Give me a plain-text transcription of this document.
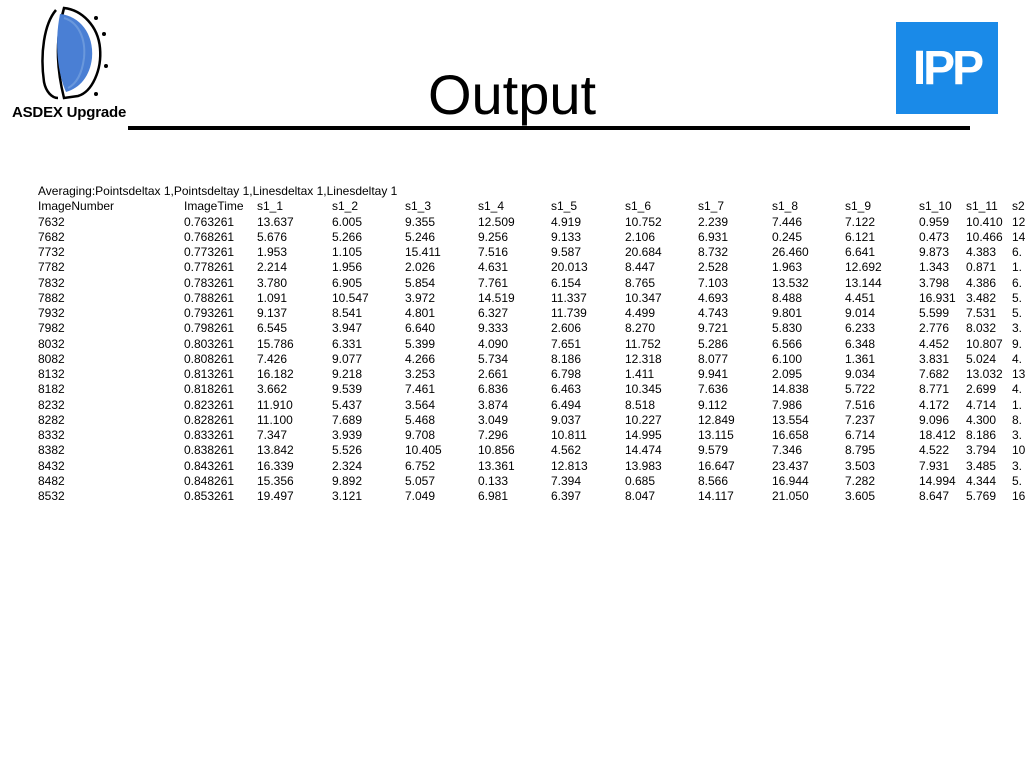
ASDEX Upgrade
IPP
Output
Averaging:Pointsdeltax 1,Pointsdeltay 1,Linesdeltax 1,Linesdeltay 1
ImageNumber	ImageTime s1_1	s1_2	s1_3	s1_4	s1_5	s1_6	s1_7	s1_8	s1_9	s1_10 s1_11 s2
7632	0.763261 13.637	6.005	9.355	12.509	4.919	10.752	2.239	7.446	7.122	0.959 10.410 12
7682	0.768261 5.676	5.266	5.246	9.256	9.133	2.106	6.931	0.245	6.121	0.473 10.466 14
7732	0.773261 1.953	1.105	15.411	7.516	9.587	20.684	8.732	26.460	6.641	9.873 4.383 6.
7782	0.778261 2.214	1.956	2.026	4.631	20.013	8.447	2.528	1.963	12.692	1.343 0.871 1.
7832	0.783261 3.780	6.905	5.854	7.761	6.154	8.765	7.103	13.532	13.144	3.798 4.386 6.
7882	0.788261 1.091	10.547	3.972	14.519	11.337	10.347	4.693	8.488	4.451	16.931 3.482 5.
7932	0.793261 9.137	8.541	4.801	6.327	11.739	4.499	4.743	9.801	9.014	5.599 7.531 5.
7982	0.798261 6.545	3.947	6.640	9.333	2.606	8.270	9.721	5.830	6.233	2.776 8.032 3.
8032	0.803261 15.786	6.331	5.399	4.090	7.651	11.752	5.286	6.566	6.348	4.452 10.807 9.
8082	0.808261 7.426	9.077	4.266	5.734	8.186	12.318	8.077	6.100	1.361	3.831 5.024 4.
8132	0.813261 16.182	9.218	3.253	2.661	6.798	1.411	9.941	2.095	9.034	7.682 13.032 13
8182	0.818261 3.662	9.539	7.461	6.836	6.463	10.345	7.636	14.838	5.722	8.771 2.699 4.
8232	0.823261 11.910	5.437	3.564	3.874	6.494	8.518	9.112	7.986	7.516	4.172 4.714 1.
8282	0.828261 11.100	7.689	5.468	3.049	9.037	10.227	12.849	13.554	7.237	9.096 4.300 8.
8332	0.833261 7.347	3.939	9.708	7.296	10.811	14.995	13.115	16.658	6.714	18.412 8.186 3.
8382	0.838261 13.842	5.526	10.405	10.856	4.562	14.474	9.579	7.346	8.795	4.522 3.794 10
8432	0.843261 16.339	2.324	6.752	13.361	12.813	13.983	16.647	23.437	3.503	7.931 3.485 3.
8482	0.848261 15.356	9.892	5.057	0.133	7.394	0.685	8.566	16.944	7.282	14.994 4.344 5.
8532	0.853261 19.497	3.121	7.049	6.981	6.397	8.047	14.117	21.050	3.605	8.647 5.769 16
